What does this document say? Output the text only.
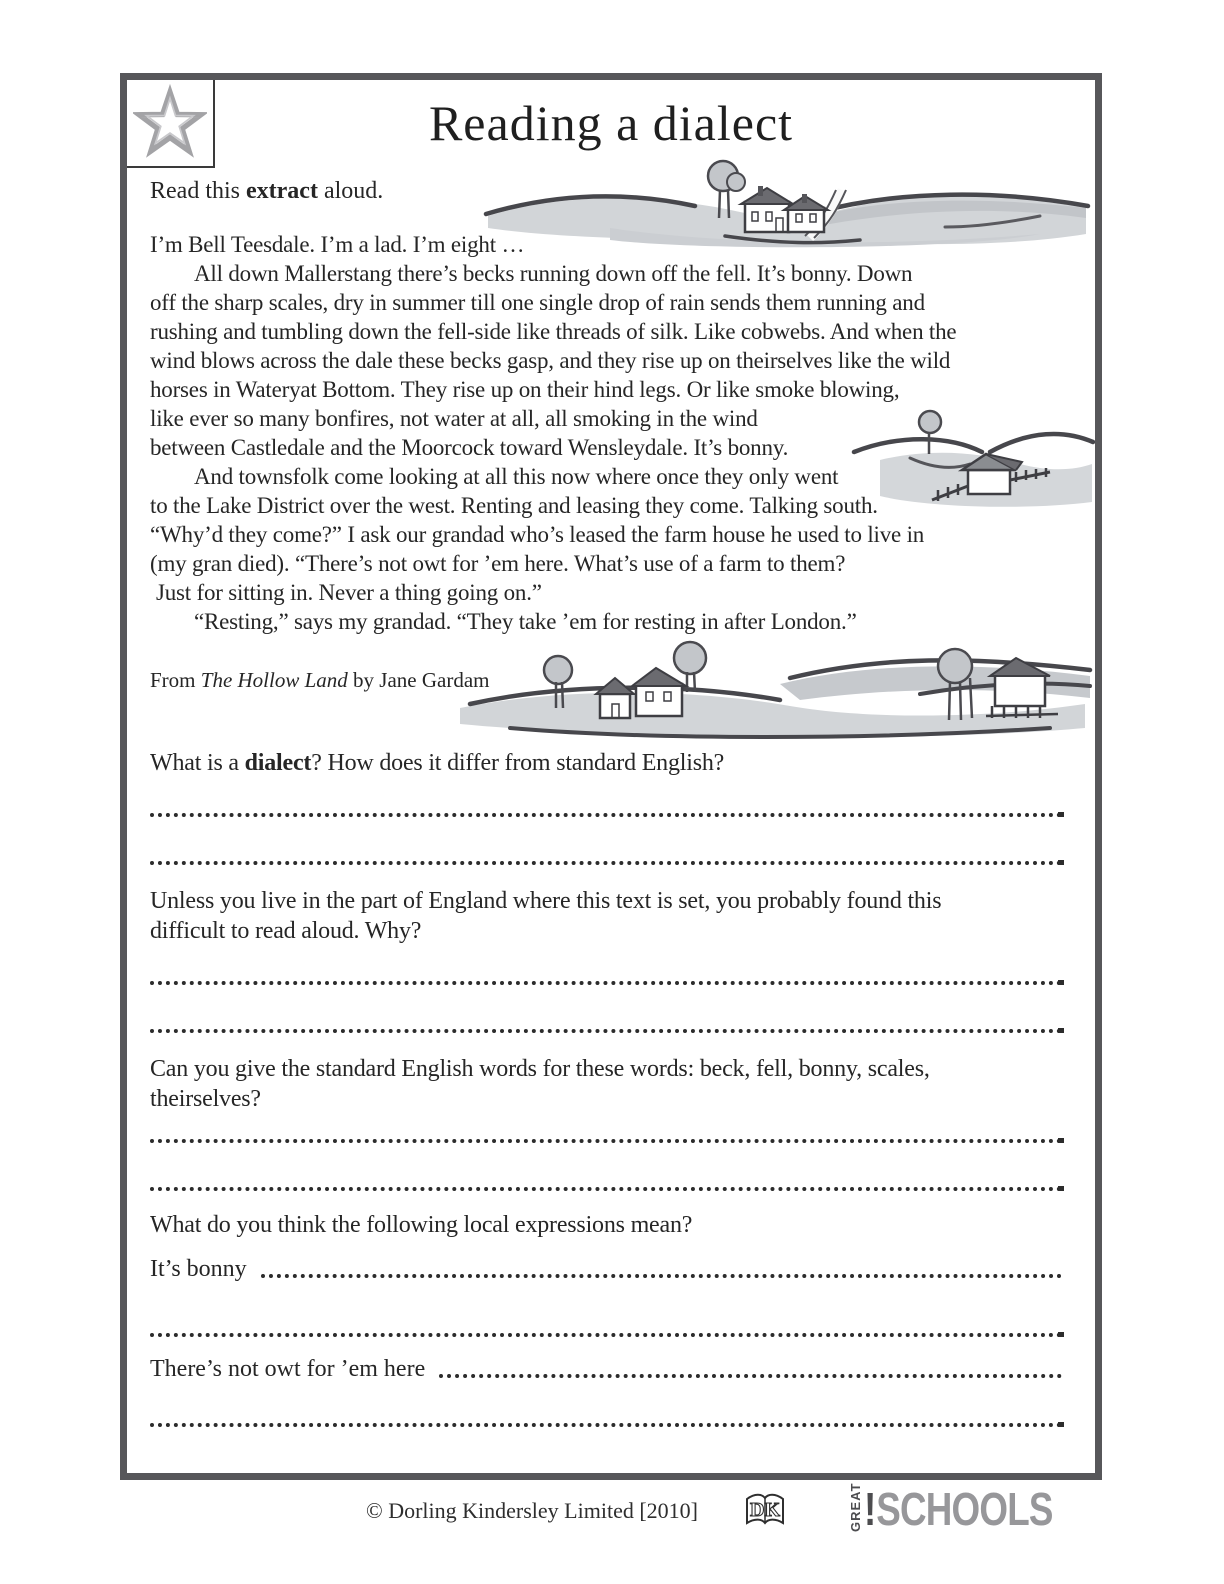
Reading a dialect
Read this extract aloud.
I’m Bell Teesdale. I’m a lad. I’m eight …
All down Mallerstang there’s becks running down off the fell. It’s bonny. Down
off the sharp scales, dry in summer till one single drop of rain sends them running and
rushing and tumbling down the fell-side like threads of silk. Like cobwebs. And when the
wind blows across the dale these becks gasp, and they rise up on theirselves like the wild
horses in Wateryat Bottom. They rise up on their hind legs. Or like smoke blowing,
like ever so many bonfires, not water at all, all smoking in the wind
between Castledale and the Moorcock toward Wensleydale. It’s bonny.
And townsfolk come looking at all this now where once they only went
to the Lake District over the west. Renting and leasing they come. Talking south.
“Why’d they come?” I ask our grandad who’s leased the farm house he used to live in
(my gran died). “There’s not owt for ’em here. What’s use of a farm to them?
Just for sitting in. Never a thing going on.”
“Resting,” says my grandad. “They take ’em for resting in after London.”
From The Hollow Land by Jane Gardam
What is a dialect? How does it differ from standard English?
Unless you live in the part of England where this text is set, you probably found this
difficult to read aloud. Why?
Can you give the standard English words for these words: beck, fell, bonny, scales,
theirselves?
What do you think the following local expressions mean?
It’s bonny
There’s not owt for ’em here
© Dorling Kindersley Limited [2010]	DK	GREAT !SCHOOLS
